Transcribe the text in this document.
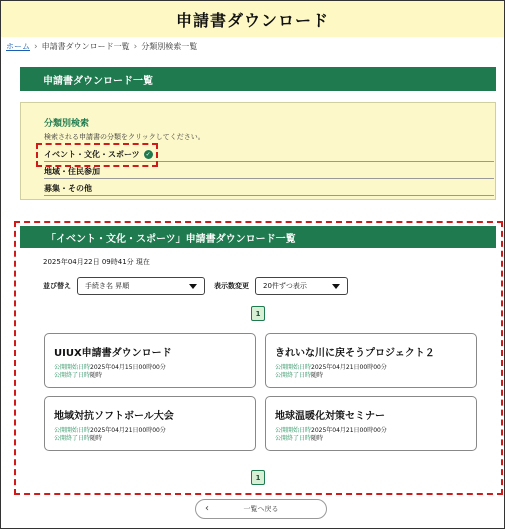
申請書ダウンロード
ホーム › 申請書ダウンロード一覧 › 分類別検索一覧
申請書ダウンロード一覧
分類別検索
検索される申請書の分類をクリックしてください。
イベント・文化・スポーツ ✓
地域・住民参加
募集・その他
「イベント・文化・スポーツ」申請書ダウンロード一覧
2025年04月22日 09時41分 現在
並び替え 手続き名 昇順	表示数変更 20件ずつ表示
1
UIUX申請書ダウンロード
公開開始日時2025年04月15日00時00分
公開終了日時随時
きれいな川に戻そうプロジェクト２
公開開始日時2025年04月21日00時00分
公開終了日時随時
地域対抗ソフトボール大会
公開開始日時2025年04月21日00時00分
公開終了日時随時
地球温暖化対策セミナー
公開開始日時2025年04月21日00時00分
公開終了日時随時
1
‹	一覧へ戻る
